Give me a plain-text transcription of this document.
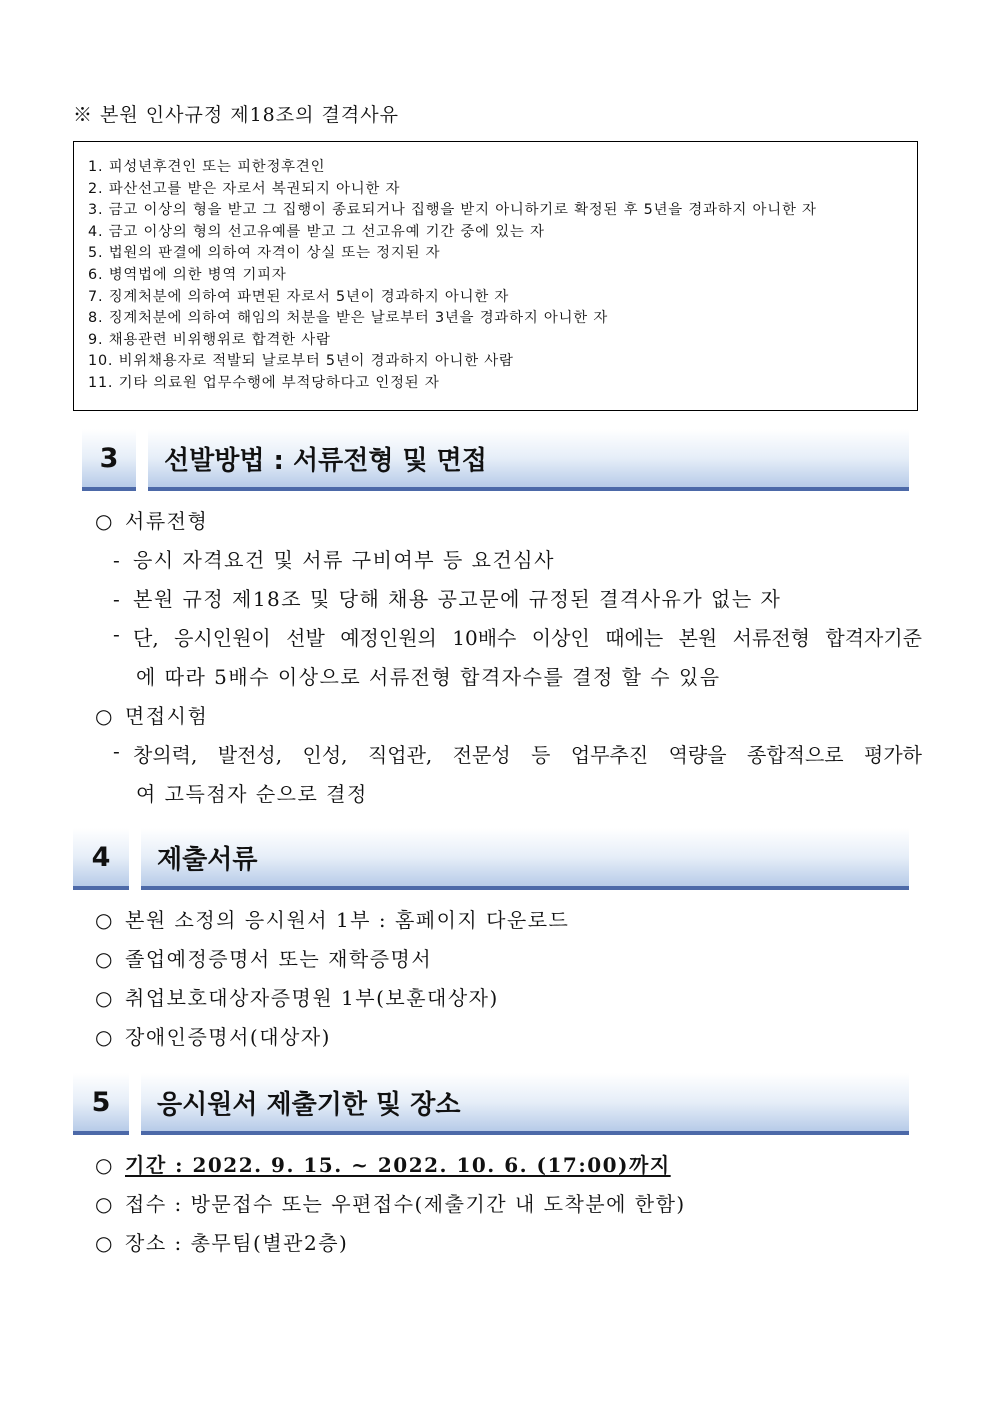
※ 본원 인사규정 제18조의 결격사유
1. 피성년후견인 또는 피한정후견인
2. 파산선고를 받은 자로서 복권되지 아니한 자
3. 금고 이상의 형을 받고 그 집행이 종료되거나 집행을 받지 아니하기로 확정된 후 5년을 경과하지 아니한 자
4. 금고 이상의 형의 선고유예를 받고 그 선고유예 기간 중에 있는 자
5. 법원의 판결에 의하여 자격이 상실 또는 정지된 자
6. 병역법에 의한 병역 기피자
7. 징계처분에 의하여 파면된 자로서 5년이 경과하지 아니한 자
8. 징계처분에 의하여 해임의 처분을 받은 날로부터 3년을 경과하지 아니한 자
9. 채용관련 비위행위로 합격한 사람
10. 비위채용자로 적발되 날로부터 5년이 경과하지 아니한 사람
11. 기타 의료원 업무수행에 부적당하다고 인정된 자
3	선발방법 : 서류전형 및 면접
○ 서류전형
- 응시 자격요건 및 서류 구비여부 등 요건심사
- 본원 규정 제18조 및 당해 채용 공고문에 규정된 결격사유가 없는 자
- 단, 응시인원이 선발 예정인원의 10배수 이상인 때에는 본원 서류전형 합격자기준
에 따라 5배수 이상으로 서류전형 합격자수를 결정 할 수 있음
○ 면접시험
- 창의력, 발전성, 인성, 직업관, 전문성 등 업무추진 역량을 종합적으로 평가하
여 고득점자 순으로 결정
4	제출서류
○ 본원 소정의 응시원서 1부 : 홈페이지 다운로드
○ 졸업예정증명서 또는 재학증명서
○ 취업보호대상자증명원 1부(보훈대상자)
○ 장애인증명서(대상자)
5	응시원서 제출기한 및 장소
○ 기간 : 2022. 9. 15. ~ 2022. 10. 6. (17:00)까지
○ 접수 : 방문접수 또는 우편접수(제출기간 내 도착분에 한함)
○ 장소 : 총무팀(별관2층)
